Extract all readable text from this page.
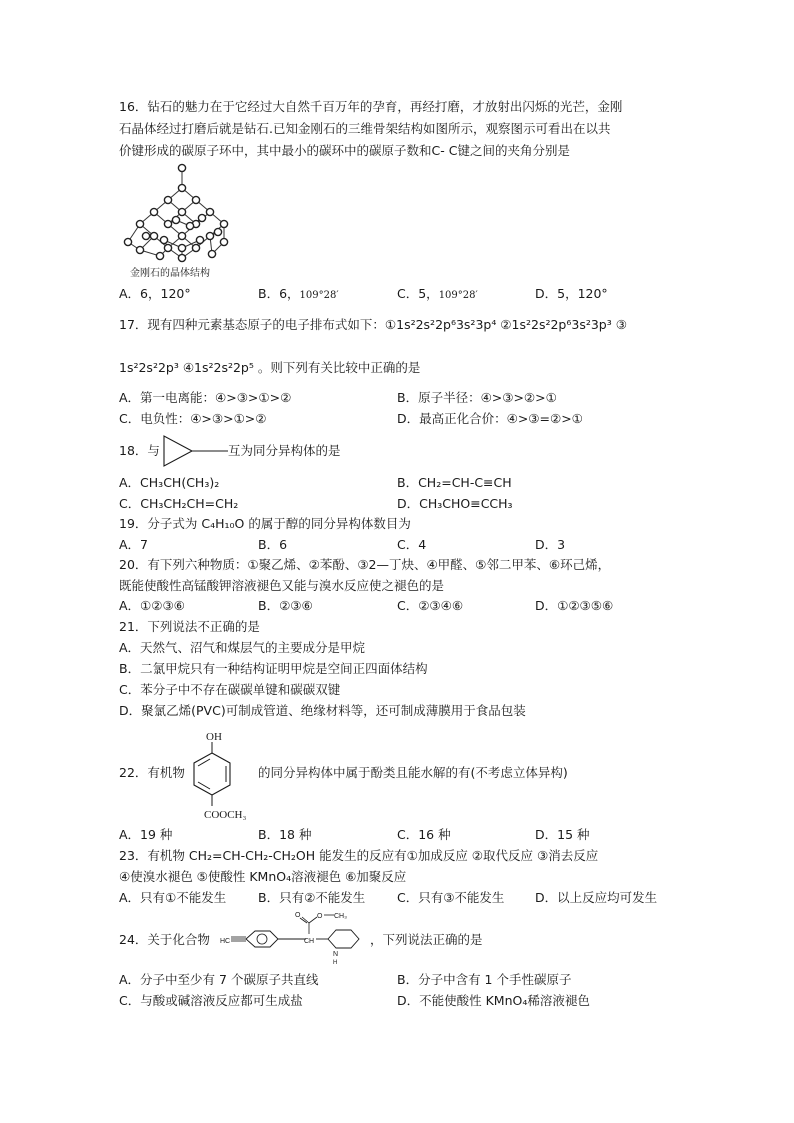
16．钻石的魅力在于它经过大自然千百万年的孕育，再经打磨，才放射出闪烁的光芒，金刚
石晶体经过打磨后就是钻石.已知金刚石的三维骨架结构如图所示，观察图示可看出在以共
价键形成的碳原子环中，其中最小的碳环中的碳原子数和C- C键之间的夹角分别是
金刚石的晶体结构
A．6，120°	B．6，109°28′	C．5，109°28′	D．5，120°
17．现有四种元素基态原子的电子排布式如下：①1s²2s²2p⁶3s²3p⁴ ②1s²2s²2p⁶3s²3p³ ③
1s²2s²2p³ ④1s²2s²2p⁵ 。则下列有关比较中正确的是
A．第一电离能：④>③>①>②	B．原子半径：④>③>②>①
C．电负性：④>③>①>②	D．最高正化合价：④>③=②>①
18．与	互为同分异构体的是
A．CH₃CH(CH₃)₂	B．CH₂=CH-C≡CH
C．CH₃CH₂CH=CH₂	D．CH₃CHO≡CCH₃
19．分子式为 C₄H₁₀O 的属于醇的同分异构体数目为
A．7	B．6	C．4	D．3
20．有下列六种物质：①聚乙烯、②苯酚、③2—丁炔、④甲醛、⑤邻二甲苯、⑥环己烯，
既能使酸性高锰酸钾溶液褪色又能与溴水反应使之褪色的是
A．①②③⑥	B．②③⑥	C．②③④⑥	D．①②③⑤⑥
21．下列说法不正确的是
A．天然气、沼气和煤层气的主要成分是甲烷
B．二氯甲烷只有一种结构证明甲烷是空间正四面体结构
C．苯分子中不存在碳碳单键和碳碳双键
D．聚氯乙烯(PVC)可制成管道、绝缘材料等，还可制成薄膜用于食品包装
22．有机物
OH
COOCH₃
的同分异构体中属于酚类且能水解的有(不考虑立体异构)
A．19 种	B．18 种	C．16 种	D．15 种
23．有机物 CH₂=CH-CH₂-CH₂OH 能发生的反应有①加成反应 ②取代反应 ③消去反应
④使溴水褪色 ⑤使酸性 KMnO₄溶液褪色 ⑥加聚反应
A．只有①不能发生	B．只有②不能发生	C．只有③不能发生 D．以上反应均可发生
24．关于化合物 HC	CH
O O CH₃
N
H
，下列说法正确的是
A．分子中至少有 7 个碳原子共直线	B．分子中含有 1 个手性碳原子
C．与酸或碱溶液反应都可生成盐	D．不能使酸性 KMnO₄稀溶液褪色
